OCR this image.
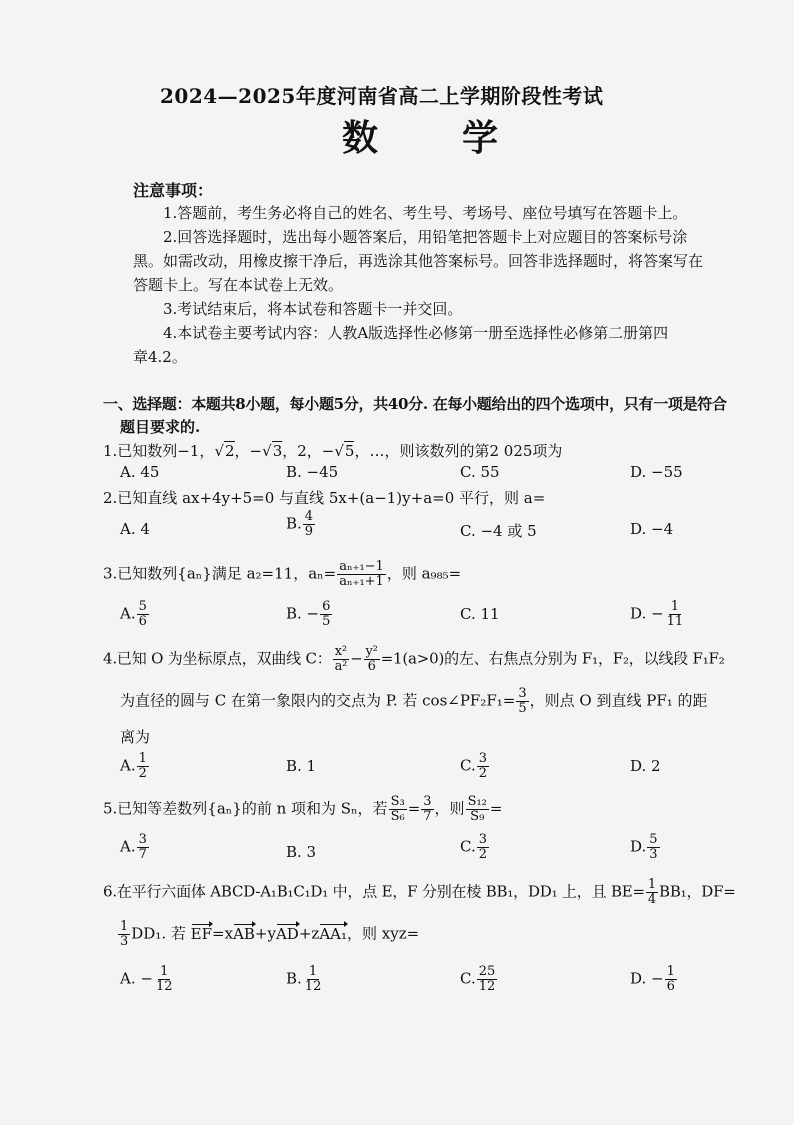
2024—2025年度河南省高二上学期阶段性考试
数　　学
注意事项：
1.答题前，考生务必将自己的姓名、考生号、考场号、座位号填写在答题卡上。
2.回答选择题时，选出每小题答案后，用铅笔把答题卡上对应题目的答案标号涂
黑。如需改动，用橡皮擦干净后，再选涂其他答案标号。回答非选择题时，将答案写在
答题卡上。写在本试卷上无效。
3.考试结束后，将本试卷和答题卡一并交回。
4.本试卷主要考试内容：人教A版选择性必修第一册至选择性必修第二册第四
章4.2。
一、选择题：本题共8小题，每小题5分，共40分. 在每小题给出的四个选项中，只有一项是符合
题目要求的.
1.已知数列−1，√2，−√3，2，−√5，…，则该数列的第2 025项为
A. 45	B. −45	C. 55	D. −55
2.已知直线 ax+4y+5=0 与直线 5x+(a−1)y+a=0 平行，则 a=
A. 4	B. $\frac{4}{9}$	C. −4 或 5	D. −4
3.已知数列{aₙ}满足 a₂=11，$a_n= \frac{\text{aₙ₊₁−1}}{\text{aₙ₊₁+1}}$ ，则 a₉₈₅=
A. $\frac{5}{6}$	B. − $\frac{6}{5}$	C. 11	D. − $\frac{1}{11}$
4.已知 O 为坐标原点，双曲线 C： $\frac{\text{x²}}{\text{a²}} - \frac{\text{y²}}{6} =1(a>0)$的左、右焦点分别为 F₁，F₂，以线段 F₁F₂
为直径的圆与 C 在第一象限内的交点为 P. 若 cos∠PF₂F₁= $\frac{3}{5}$ ，则点 O 到直线 PF₁ 的距
离为
A. $\frac{1}{2}$	B. 1	C. $\frac{3}{2}$	D. 2
5.已知等差数列{aₙ}的前 n 项和为 Sₙ，若 $\frac{\text{S₃}}{\text{S₆}} = \frac{3}{7}$ ，则 $\frac{\text{S₁₂}}{\text{S₉}}$ =
A. $\frac{3}{7}$	B. 3	C. $\frac{3}{2}$	D. $\frac{5}{3}$
6.在平行六面体 ABCD-A₁B₁C₁D₁ 中，点 E，F 分别在棱 BB₁，DD₁ 上，且 $BE= \frac{1}{4} BB_1$，DF=
$\frac{1}{3} DD_1$. 若 EF=xAB+yAD+zAA₁，则 xyz=
A. − $\frac{1}{12}$	B. $\frac{1}{12}$	C. $\frac{25}{12}$	D. − $\frac{1}{6}$
